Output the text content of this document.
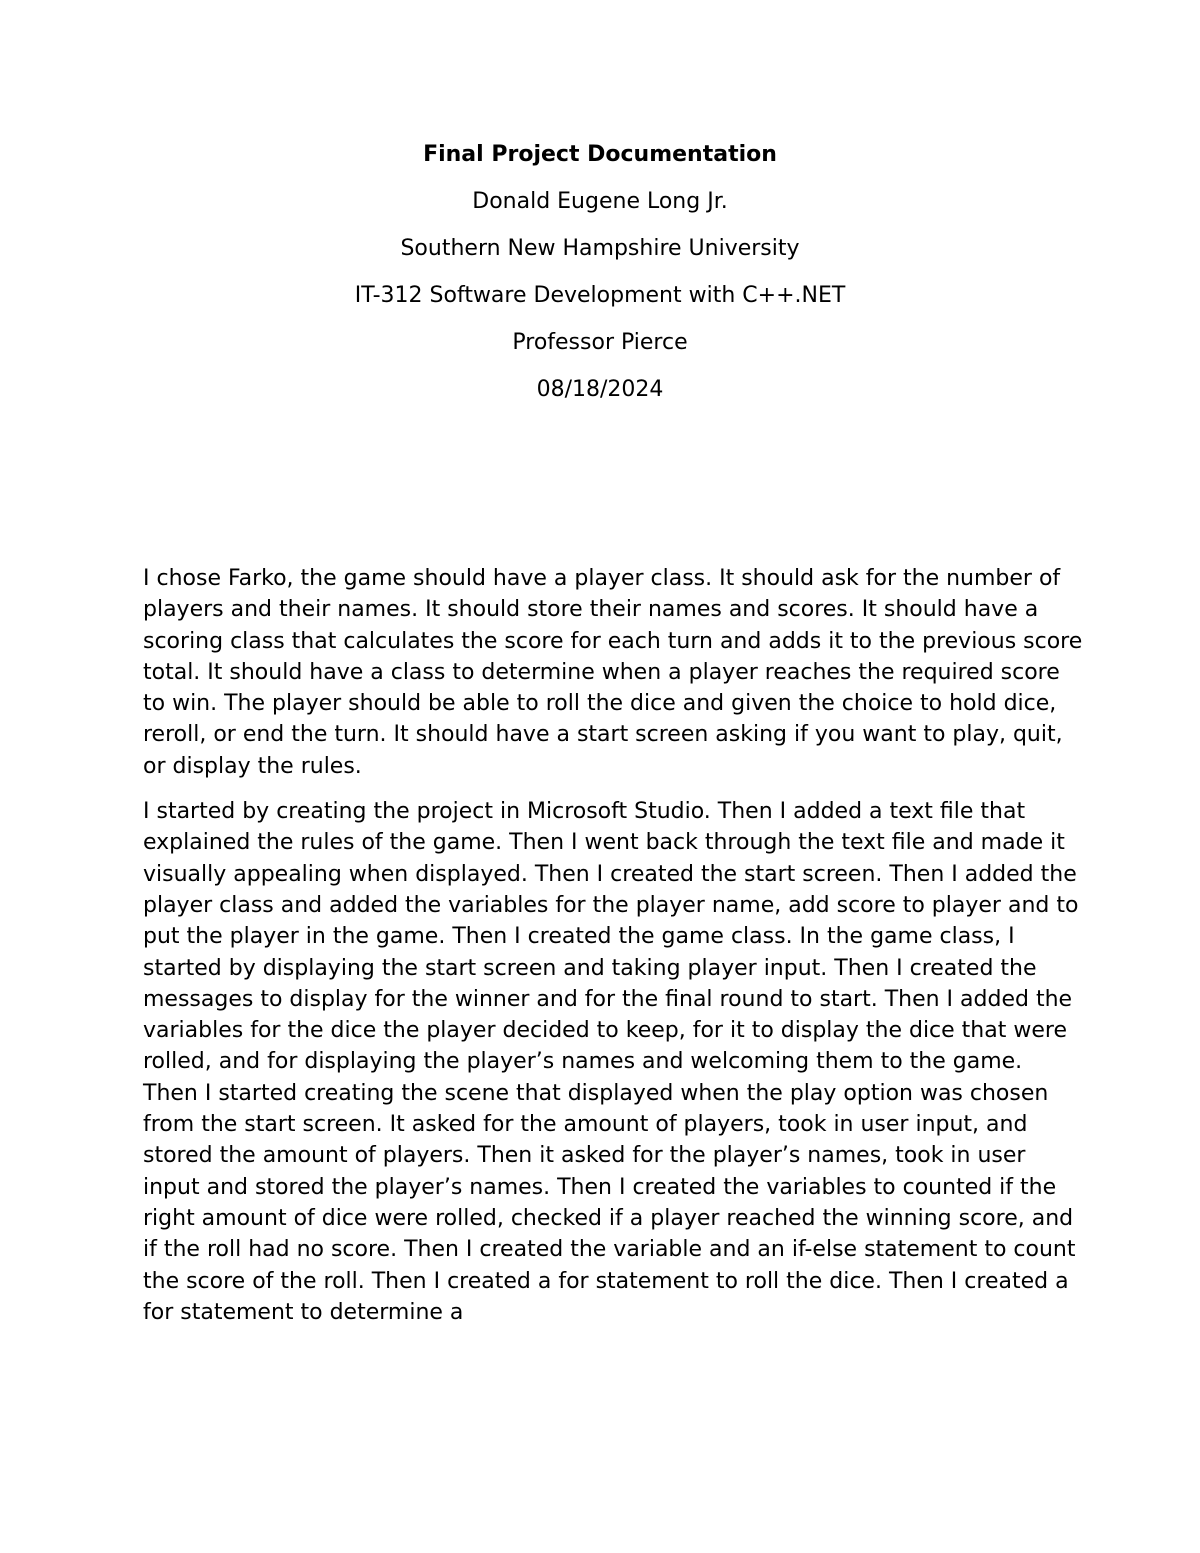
Final Project Documentation
Donald Eugene Long Jr.
Southern New Hampshire University
IT-312 Software Development with C++.NET
Professor Pierce
08/18/2024

I chose Farko, the game should have a player class. It should ask for the number of players and their names. It should store their names and scores. It should have a scoring class that calculates the score for each turn and adds it to the previous score total. It should have a class to determine when a player reaches the required score to win. The player should be able to roll the dice and given the choice to hold dice, reroll, or end the turn. It should have a start screen asking if you want to play, quit, or display the rules.

I started by creating the project in Microsoft Studio. Then I added a text file that explained the rules of the game. Then I went back through the text file and made it visually appealing when displayed. Then I created the start screen. Then I added the player class and added the variables for the player name, add score to player and to put the player in the game. Then I created the game class. In the game class, I started by displaying the start screen and taking player input. Then I created the messages to display for the winner and for the final round to start. Then I added the variables for the dice the player decided to keep, for it to display the dice that were rolled, and for displaying the player’s names and welcoming them to the game. Then I started creating the scene that displayed when the play option was chosen from the start screen. It asked for the amount of players, took in user input, and stored the amount of players. Then it asked for the player’s names, took in user input and stored the player’s names. Then I created the variables to counted if the right amount of dice were rolled, checked if a player reached the winning score, and if the roll had no score. Then I created the variable and an if-else statement to count the score of the roll. Then I created a for statement to roll the dice. Then I created a for statement to determine a
